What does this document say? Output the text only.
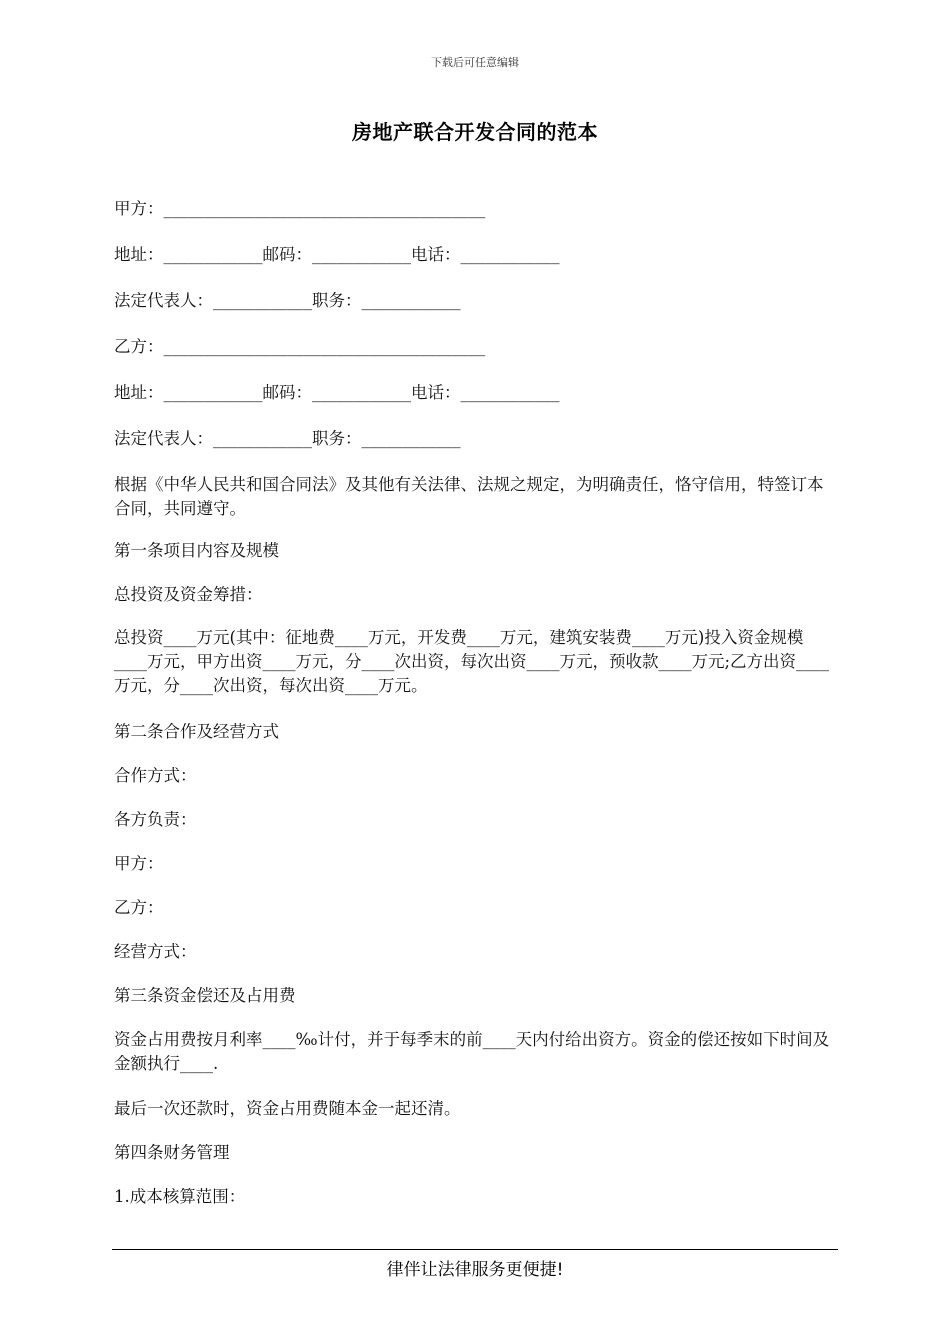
下载后可任意编辑
房地产联合开发合同的范本
甲方：_______________________________________
地址：____________邮码：____________电话：____________
法定代表人：____________职务：____________
乙方：_______________________________________
地址：____________邮码：____________电话：____________
法定代表人：____________职务：____________
根据《中华人民共和国合同法》及其他有关法律、法规之规定，为明确责任，恪守信用，特签订本合同，共同遵守。
第一条项目内容及规模
总投资及资金筹措：
总投资____万元(其中：征地费____万元，开发费____万元，建筑安装费____万元)投入资金规模____万元，甲方出资____万元，分____次出资，每次出资____万元，预收款____万元;乙方出资____万元，分____次出资，每次出资____万元。
第二条合作及经营方式
合作方式：
各方负责：
甲方：
乙方：
经营方式：
第三条资金偿还及占用费
资金占用费按月利率____‰计付，并于每季末的前____天内付给出资方。资金的偿还按如下时间及金额执行____.
最后一次还款时，资金占用费随本金一起还清。
第四条财务管理
1.成本核算范围：
律伴让法律服务更便捷!
